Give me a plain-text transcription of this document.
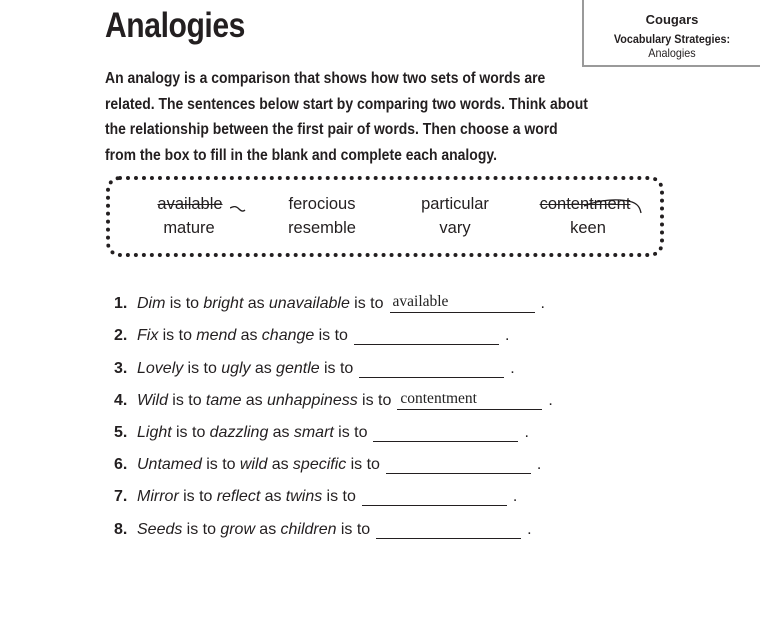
Analogies	Cougars
Vocabulary Strategies:
Analogies

An analogy is a comparison that shows how two sets of words are
related. The sentences below start by comparing two words. Think about
the relationship between the first pair of words. Then choose a word
from the box to fill in the blank and complete each analogy.

available	ferocious	particular	contentment
mature	resemble	vary	keen
1. Dim is to bright as unavailable is to available	.
2. Fix is to mend as change is to	.
3. Lovely is to ugly as gentle is to	.
4. Wild is to tame as unhappiness is to contentment	.
5. Light is to dazzling as smart is to	.
6. Untamed is to wild as specific is to	.
7. Mirror is to reflect as twins is to	.
8. Seeds is to grow as children is to	.
